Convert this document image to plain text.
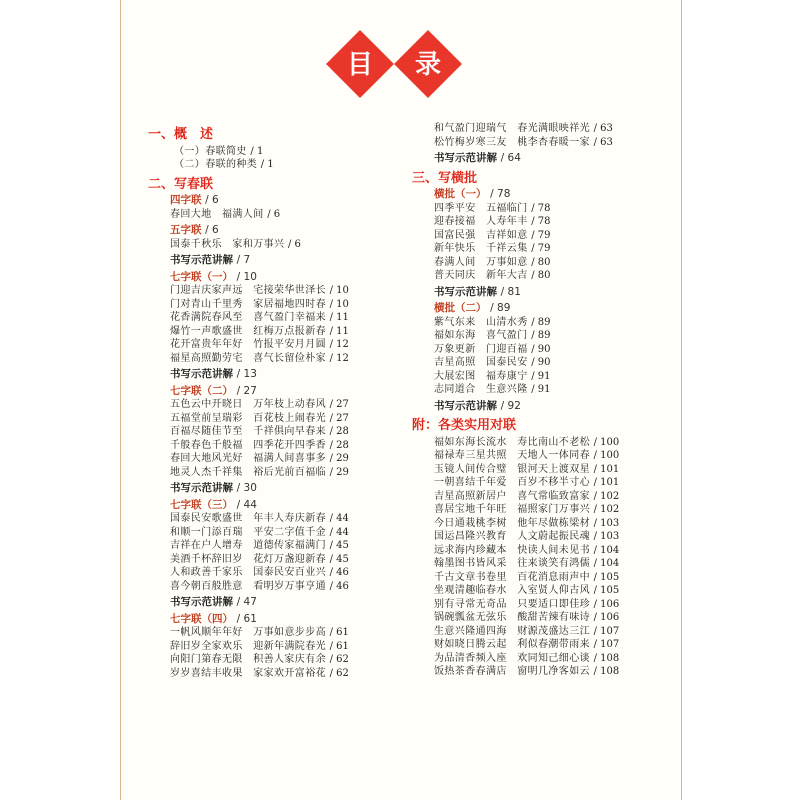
目	录
一、概　述
（一）春联简史 / 1
（二）春联的种类 / 1
二、写春联
四字联 / 6
春回大地　福满人间 / 6
五字联 / 6
国泰千秋乐　家和万事兴 / 6
书写示范讲解 / 7
七字联（一） / 10
门迎吉庆家声远　宅接荣华世泽长 / 10
门对青山千里秀　家居福地四时春 / 10
花香满院春风至　喜气盈门幸福来 / 11
爆竹一声歌盛世　红梅万点报新春 / 11
花开富贵年年好　竹报平安月月圆 / 12
福星高照勤劳宅　喜气长留俭朴家 / 12
书写示范讲解 / 13
七字联（二） / 27
五色云中开晓日　万年枝上动春风 / 27
五福堂前呈瑞彩　百花枝上闹春光 / 27
百福尽随佳节至　千祥俱向早春来 / 28
千般春色千般福　四季花开四季香 / 28
春回大地风光好　福满人间喜事多 / 29
地灵人杰千祥集　裕后光前百福临 / 29
书写示范讲解 / 30
七字联（三） / 44
国泰民安歌盛世　年丰人寿庆新春 / 44
和顺一门添百瑞　平安二字值千金 / 44
吉祥在户人增寿　道德传家福满门 / 45
美酒千杯辞旧岁　花灯万盏迎新春 / 45
人和政善千家乐　国泰民安百业兴 / 46
喜今朝百般胜意　看明岁万事亨通 / 46
书写示范讲解 / 47
七字联（四） / 61
一帆风顺年年好　万事如意步步高 / 61
辞旧岁全家欢乐　迎新年满院春光 / 61
向阳门第春无限　积善人家庆有余 / 62
岁岁喜结丰收果　家家欢开富裕花 / 62
和气盈门迎瑞气　春光满眼映祥光 / 63
松竹梅岁寒三友　桃李杏春暖一家 / 63
书写示范讲解 / 64
三、写横批
横批（一） / 78
四季平安　五福临门 / 78
迎春接福　人寿年丰 / 78
国富民强　吉祥如意 / 79
新年快乐　千祥云集 / 79
春满人间　万事如意 / 80
普天同庆　新年大吉 / 80
书写示范讲解 / 81
横批（二） / 89
紫气东来　山清水秀 / 89
福如东海　喜气盈门 / 89
万象更新　门迎百福 / 90
吉星高照　国泰民安 / 90
大展宏图　福寿康宁 / 91
志同道合　生意兴隆 / 91
书写示范讲解 / 92
附：各类实用对联
福如东海长流水　寿比南山不老松 / 100
福禄寿三星共照　天地人一体同春 / 100
玉镜人间传合璧　银河天上渡双星 / 101
一朝喜结千年爱　百岁不移半寸心 / 101
吉星高照新居户　喜气常临致富家 / 102
喜居宝地千年旺　福照家门万事兴 / 102
今日通栽桃李树　他年尽做栋梁材 / 103
国运昌隆兴教育　人文蔚起振民魂 / 103
远求海内珍藏本　快读人间未见书 / 104
翰墨图书皆风采　往来谈笑有鸿儒 / 104
千古文章书卷里　百花消息雨声中 / 105
坐观清趣临春水　入室贤人仰古风 / 105
别有寻常无奇品　只要适口即佳珍 / 106
锅碗瓢盆无弦乐　酸甜苦辣有味诗 / 106
生意兴隆通四海　财源茂盛达三江 / 107
财如晓日腾云起　利似春潮带雨来 / 107
为品清香频入座　欢同知己细心谈 / 108
饭热茶香春满店　窗明几净客如云 / 108
